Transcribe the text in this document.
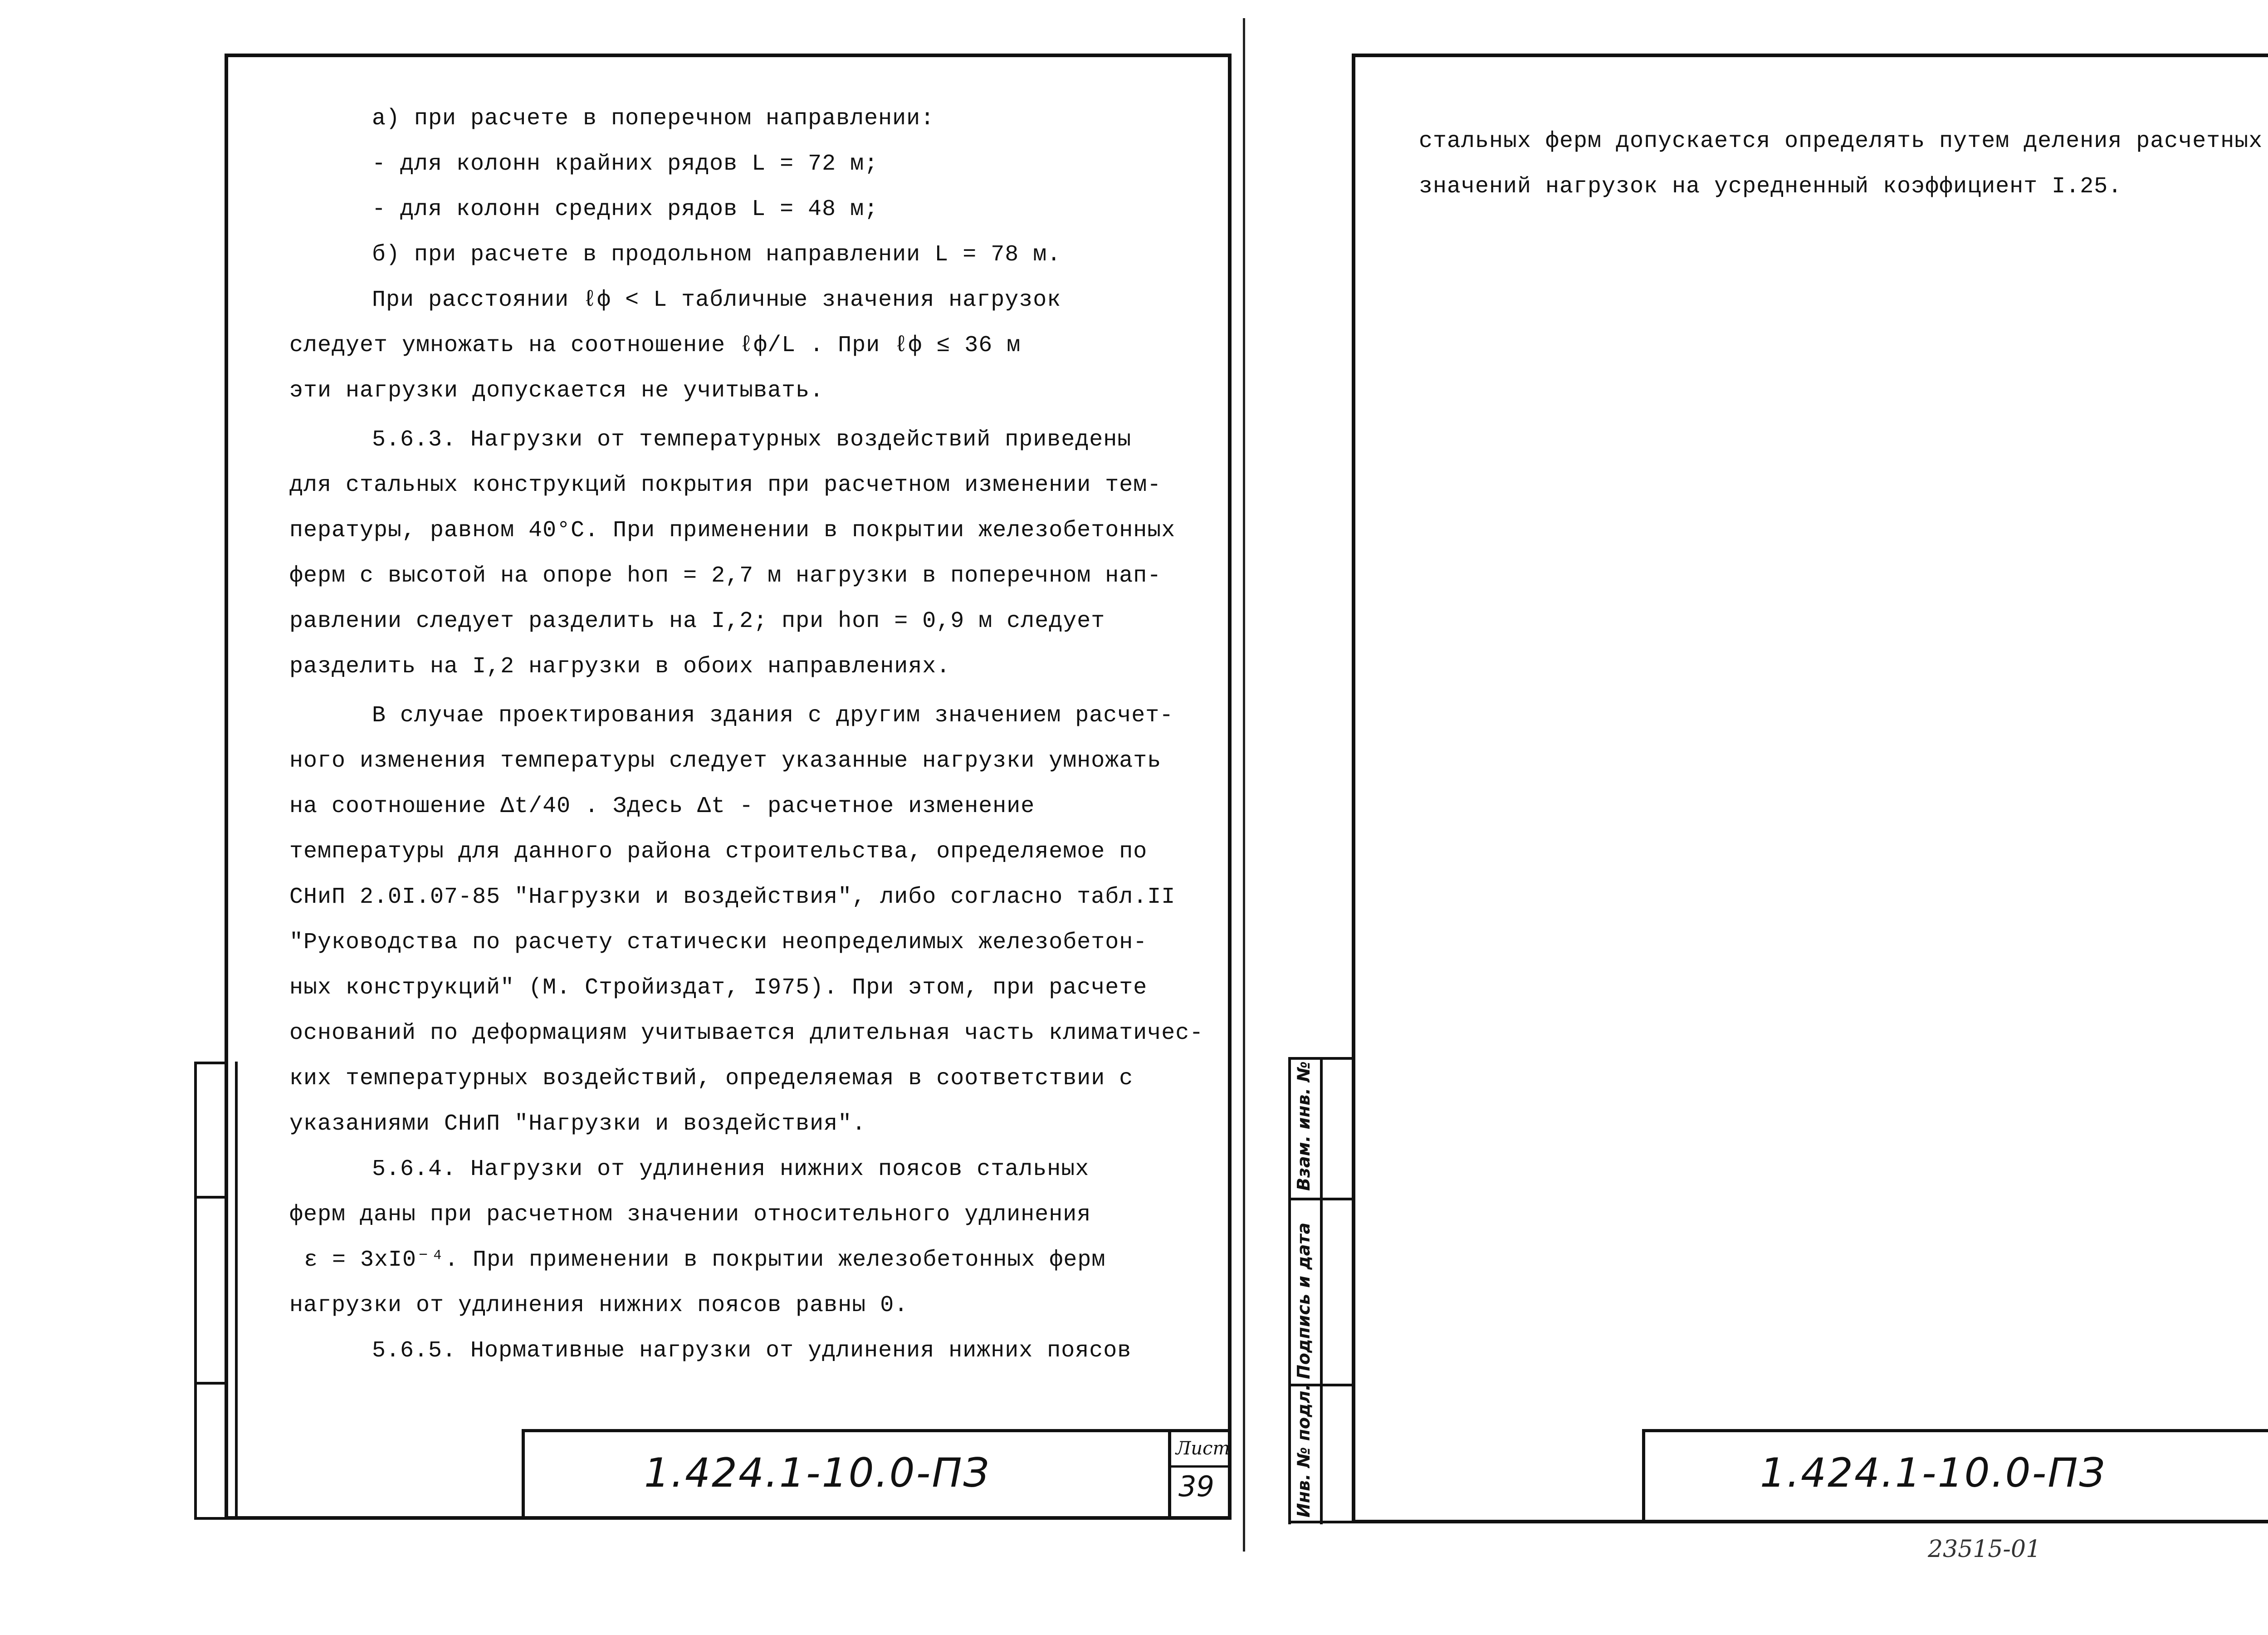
а) при расчете в поперечном направлении:
- для колонн крайних рядов L = 72 м;
- для колонн средних рядов L = 48 м;
б) при расчете в продольном направлении L = 78 м.
При расстоянии ℓф < L табличные значения нагрузок
следует умножать на соотношение ℓф/L . При ℓф ≤ 36 м
эти нагрузки допускается не учитывать.
5.6.3. Нагрузки от температурных воздействий приведены
для стальных конструкций покрытия при расчетном изменении тем-
пературы, равном 40°С. При применении в покрытии железобетонных
ферм с высотой на опоре hоп = 2,7 м нагрузки в поперечном нап-
равлении следует разделить на I,2; при hоп = 0,9 м следует
разделить на I,2 нагрузки в обоих направлениях.
В случае проектирования здания с другим значением расчет-
ного изменения температуры следует указанные нагрузки умножать
на соотношение Δt/40 . Здесь Δt - расчетное изменение
температуры для данного района строительства, определяемое по
СНиП 2.0I.07-85 "Нагрузки и воздействия", либо согласно табл.II
"Руководства по расчету статически неопределимых железобетон-
ных конструкций" (М. Стройиздат, I975). При этом, при расчете
оснований по деформациям учитывается длительная часть климатичес-
ких температурных воздействий, определяемая в соответствии с
указаниями СНиП "Нагрузки и воздействия".
5.6.4. Нагрузки от удлинения нижних поясов стальных
ферм даны при расчетном значении относительного удлинения
ε = 3xI0⁻⁴. При применении в покрытии железобетонных ферм
нагрузки от удлинения нижних поясов равны 0.
5.6.5. Нормативные нагрузки от удлинения нижних поясов
1.424.1-10.0-ПЗ
Лист
39
Взам. инв. №
Подпись и дата
Инв. № подл.
стальных ферм допускается определять путем деления расчетных
значений нагрузок на усредненный коэффициент I.25.
1.424.1-10.0-ПЗ
23515-01
